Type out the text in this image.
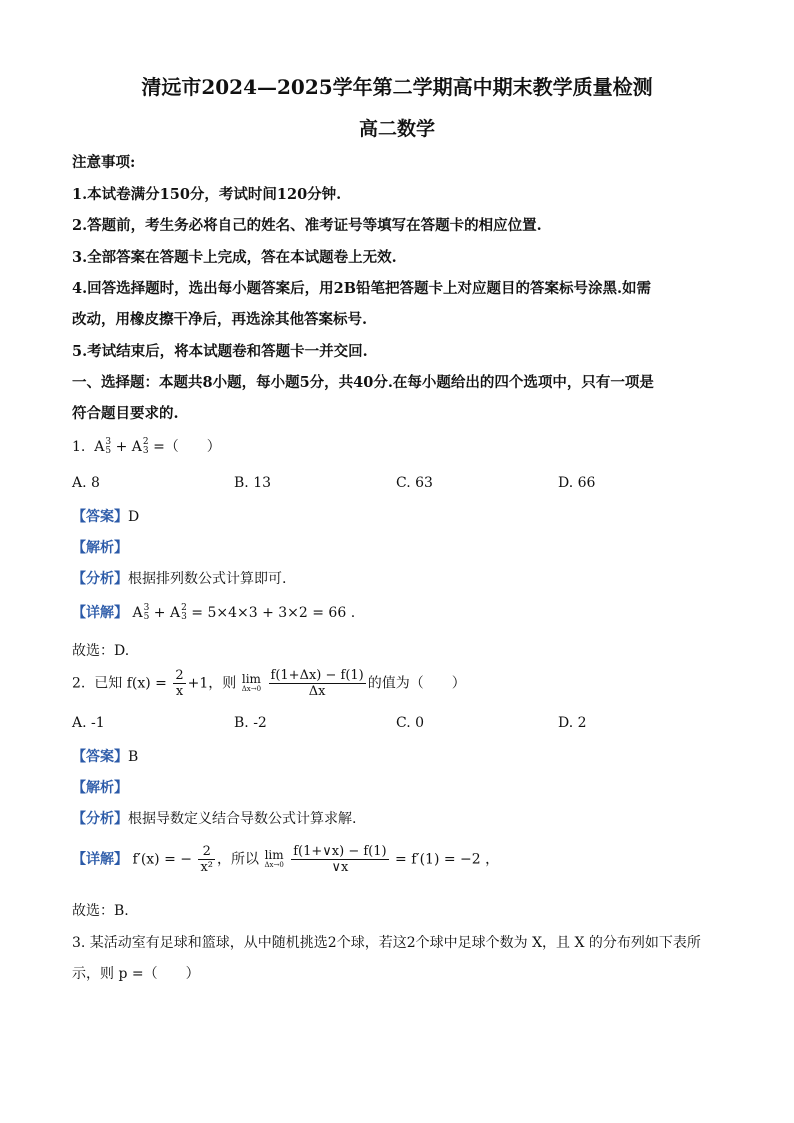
清远市2024—2025学年第二学期高中期末教学质量检测
高二数学
注意事项:
1.本试卷满分150分，考试时间120分钟.
2.答题前，考生务必将自己的姓名、准考证号等填写在答题卡的相应位置.
3.全部答案在答题卡上完成，答在本试题卷上无效.
4.回答选择题时，选出每小题答案后，用2B铅笔把答题卡上对应题目的答案标号涂黑.如需
改动，用橡皮擦干净后，再选涂其他答案标号.
5.考试结束后，将本试题卷和答题卡一并交回.
一、选择题：本题共8小题，每小题5分，共40分.在每小题给出的四个选项中，只有一项是
符合题目要求的.
1. A 3
5 + A 2
3 =（　　）
A. 8	B. 13	C. 63	D. 66
【答案】D
【解析】
【分析】根据排列数公式计算即可.
【详解】 A 3
5 + A 2
3 = 5×4×3 + 3×2 = 66 .
故选：D.
2. 已知 $f(x) = \frac{2}{x} +1$，则 lim
Δx→0
$\frac{f(1+\Delta x) - f(1)}{\Delta x}$ 的值为（　　）
A. -1	B. -2	C. 0	D. 2
【答案】B
【解析】
【分析】根据导数定义结合导数公式计算求解.
【详解】 f′(x) = − $\frac{2}{\text{x²}}$ ，所以 lim
Δx→0
$\frac{f(1+\vee x) - f(1)}{\vee x} = f'(1) = -2$ ，
故选：B.
3. 某活动室有足球和篮球，从中随机挑选2个球，若这2个球中足球个数为 X，且 X 的分布列如下表所
示，则 p =（　　）
